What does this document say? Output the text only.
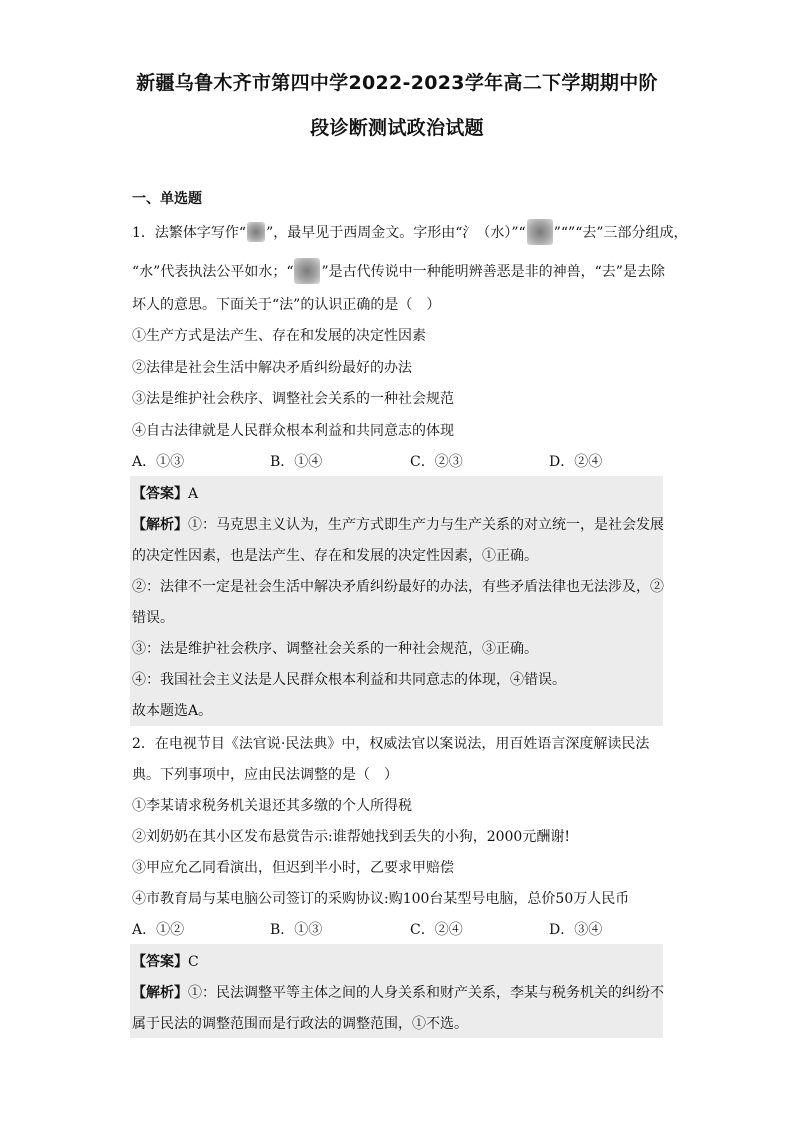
新疆乌鲁木齐市第四中学2022-2023学年高二下学期期中阶
段诊断测试政治试题
一、单选题
1．法繁体字写作“ ”，最早见于西周金文。字形由“氵（水）”“ ”“”“去”三部分组成，
“水”代表执法公平如水；“ ”是古代传说中一种能明辨善恶是非的神兽，“去”是去除
坏人的意思。下面关于“法”的认识正确的是（　）
①生产方式是法产生、存在和发展的决定性因素
②法律是社会生活中解决矛盾纠纷最好的办法
③法是维护社会秩序、调整社会关系的一种社会规范
④自古法律就是人民群众根本利益和共同意志的体现
A．①③	B．①④	C．②③	D．②④
【答案】A
【解析】①：马克思主义认为，生产方式即生产力与生产关系的对立统一，是社会发展
的决定性因素，也是法产生、存在和发展的决定性因素，①正确。
②：法律不一定是社会生活中解决矛盾纠纷最好的办法，有些矛盾法律也无法涉及，②
错误。
③：法是维护社会秩序、调整社会关系的一种社会规范，③正确。
④：我国社会主义法是人民群众根本利益和共同意志的体现，④错误。
故本题选A。
2．在电视节目《法官说·民法典》中，权威法官以案说法，用百姓语言深度解读民法
典。下列事项中，应由民法调整的是（　）
①李某请求税务机关退还其多缴的个人所得税
②刘奶奶在其小区发布悬赏告示:谁帮她找到丢失的小狗，2000元酬谢!
③甲应允乙同看演出，但迟到半小时，乙要求甲赔偿
④市教育局与某电脑公司签订的采购协议:购100台某型号电脑，总价50万人民币
A．①②	B．①③	C．②④	D．③④
【答案】C
【解析】①：民法调整平等主体之间的人身关系和财产关系，李某与税务机关的纠纷不
属于民法的调整范围而是行政法的调整范围，①不选。
